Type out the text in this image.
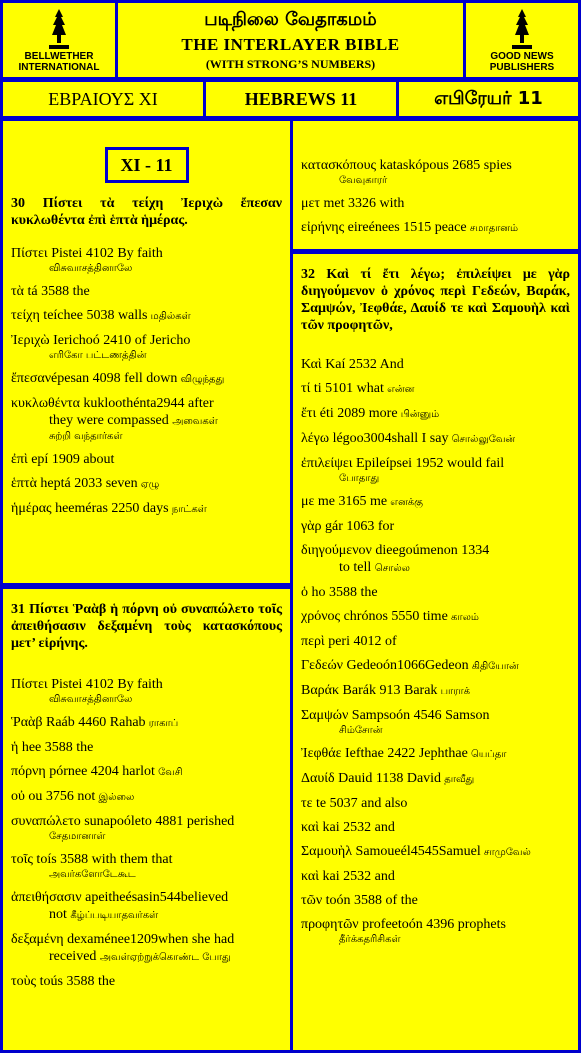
BELLWETHER
INTERNATIONAL
படிநிலை வேதாகமம்
THE INTERLAYER BIBLE
(WITH STRONG’S NUMBERS)
GOOD NEWS
PUBLISHERS
ΕΒΡΑΙΟΥΣ XI	HEBREWS 11	எபிரேயர் 11
XI - 11
30 Πίστει τὰ τείχη Ἰεριχὼ ἔπεσαν κυκλωθέντα ἐπὶ ἑπτὰ ἡμέρας.
Πίστει Pistei 4102 By faith
விசுவாசத்தினாலே
τὰ tá 3588 the
τείχη teíchee 5038 walls மதில்கள்
Ἰεριχὼ Ierichoó 2410 of Jericho
எரிகோ பட்டணத்தின்
ἔπεσανépesan 4098 fell down விழுந்தது
κυκλωθέντα kukloothénta2944 after
they were compassed அவைகள்
சுற்றி வந்தார்கள்
ἐπὶ epí 1909 about
ἑπτὰ heptá 2033 seven ஏழு
ἡμέρας heeméras 2250 days நாட்கள்
31 Πίστει Ῥαὰβ ἡ πόρνη οὐ συναπώλετο τοῖς ἀπειθήσασιν δεξαμένη τοὺς κατασκόπους μετ’ εἰρήνης.
Πίστει Pistei 4102 By faith
விசுவாசத்தினாலே
Ῥαὰβ Raáb 4460 Rahab ராகாப்
ἡ hee 3588 the
πόρνη pórnee 4204 harlot வேசி
οὐ ou 3756 not இல்லை
συναπώλετο sunapoóleto 4881 perished
சேதமானாள்
τοῖς toís 3588 with them that
அவர்களோடேகூட
ἀπειθήσασιν apeitheésasin544believed
not கீழ்ப்படியாதவர்கள்
δεξαμένη dexaménee1209when she had
received அவள்ஏற்றுக்கொண்ட போது
τοὺς toús 3588 the
κατασκόπους kataskópous 2685 spies
வேவுகாரர்
μετ met 3326 with
εἰρήνης eireénees 1515 peace சமாதானம்
32 Καὶ τί ἔτι λέγω; ἐπιλείψει με γὰρ διηγούμενον ὁ χρόνος περὶ Γεδεών, Βαράκ, Σαμψών, Ἰεφθάε, Δαυίδ τε καὶ Σαμουὴλ καὶ τῶν προφητῶν,
Καὶ Kaí 2532 And
τί ti 5101 what என்ன
ἔτι éti 2089 more பின்னும்
λέγω légoo3004shall I say சொல்லுவேன்
ἐπιλείψει Epileípsei 1952 would fail
போதாது
με me 3165 me எனக்கு
γὰρ gár 1063 for
διηγούμενον dieegoúmenon 1334
to tell சொல்ல
ὁ ho 3588 the
χρόνος chrónos 5550 time காலம்
περὶ peri 4012 of
Γεδεών Gedeoón1066Gedeon கிதியோன்
Βαράκ Barák 913 Barak பாராக்
Σαμψών Sampsoón 4546 Samson
சிம்சோன்
Ἰεφθάε Iefthae 2422 Jephthae யெப்தா
Δαυίδ Dauid 1138 David தாவீது
τε te 5037 and also
καὶ kai 2532 and
Σαμουὴλ Samoueél4545Samuel சாமுவேல்
καὶ kai 2532 and
τῶν toón 3588 of the
προφητῶν profeetoón 4396 prophets
தீர்க்கதரிசிகள்
